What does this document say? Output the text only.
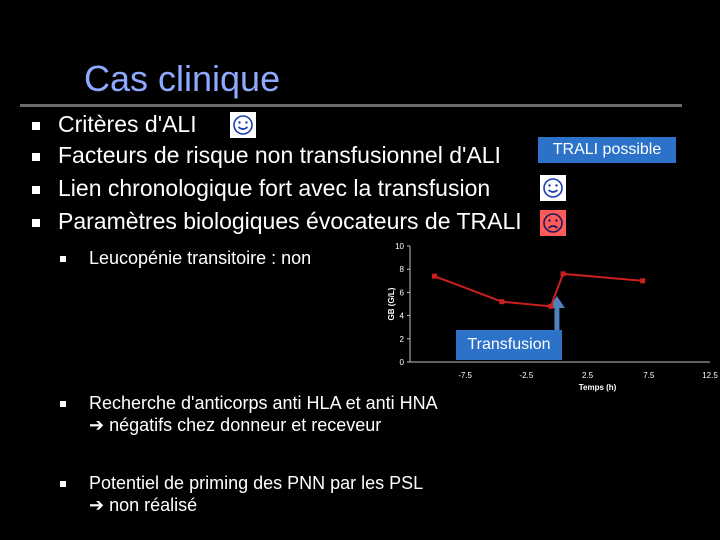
Cas clinique
Critères d'ALI
Facteurs de risque non transfusionnel d'ALI
Lien chronologique fort avec la transfusion
Paramètres biologiques évocateurs de TRALI
TRALI possible
Leucopénie transitoire : non
Recherche d'anticorps anti HLA et anti HNA
➔ négatifs chez donneur et receveur
Potentiel de priming des PNN par les PSL
➔ non réalisé
0
2
4
6
8
10
-7.5	-2.5	2.5	7.5	12.5
GB (G/L)
Temps (h)
Transfusion
